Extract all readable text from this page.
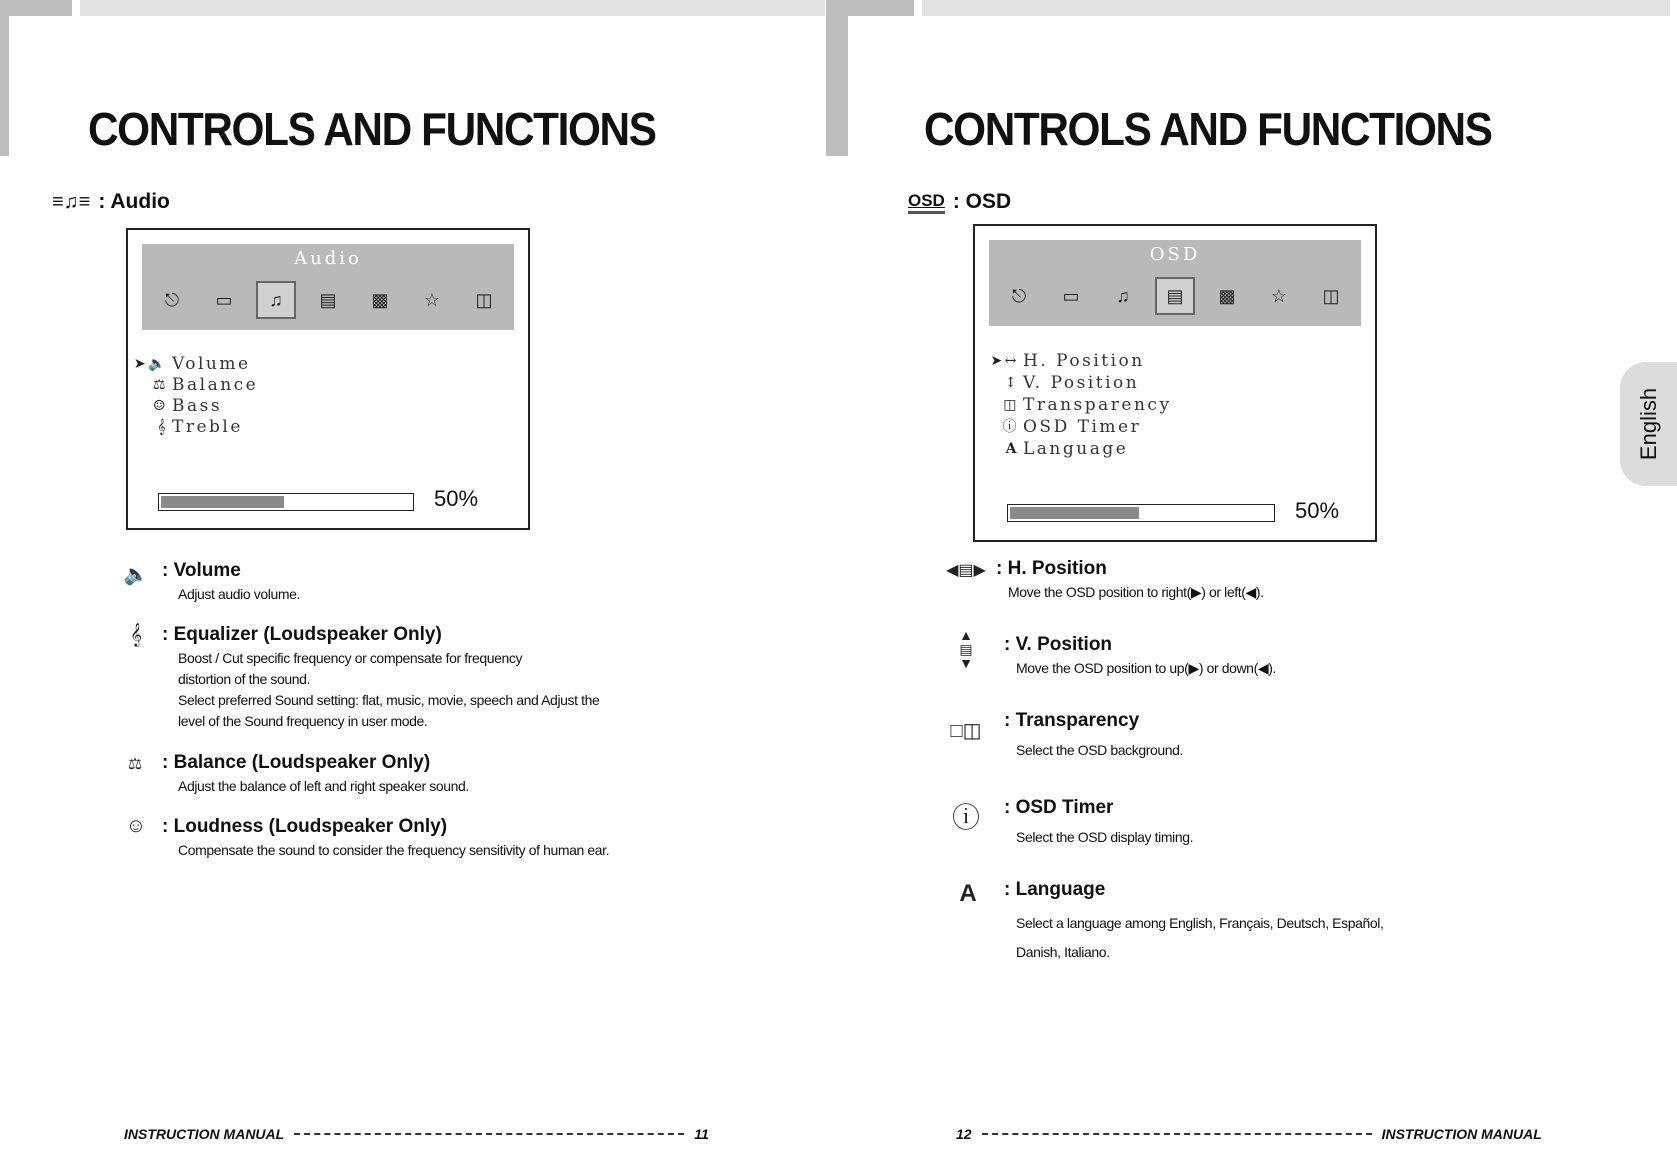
CONTROLS AND FUNCTIONS
≡♫≡ : Audio
Audio
⎋	▭	♫	▤	▩	☆	◫
➤🔈 Volume
⚖ Balance
☺ Bass
𝄞 Treble
50%
🔈 : Volume
Adjust audio volume.
𝄞	: Equalizer (Loudspeaker Only)
Boost / Cut specific frequency or compensate for frequency
distortion of the sound.
Select preferred Sound setting: flat, music, movie, speech and Adjust the
level of the Sound frequency in user mode.
⚖	: Balance (Loudspeaker Only)
Adjust the balance of left and right speaker sound.
☺ : Loudness (Loudspeaker Only)
Compensate the sound to consider the frequency sensitivity of human ear.
INSTRUCTION MANUAL	11
CONTROLS AND FUNCTIONS
OSD : OSD
OSD
⎋	▭	♫	▤	▩	☆	◫
➤↔ H. Position
↕ V. Position
◫ Transparency
ⓘ OSD Timer
A Language
50%
◀▤▶ : H. Position
Move the OSD position to right(▶) or left(◀).
▲
▤
▼
: V. Position
Move the OSD position to up(▶) or down(◀).
□◫ : Transparency
Select the OSD background.
ⓘ : OSD Timer
Select the OSD display timing.
A	: Language
Select a language among English, Français, Deutsch, Español,
Danish, Italiano.
12	INSTRUCTION MANUAL
English
